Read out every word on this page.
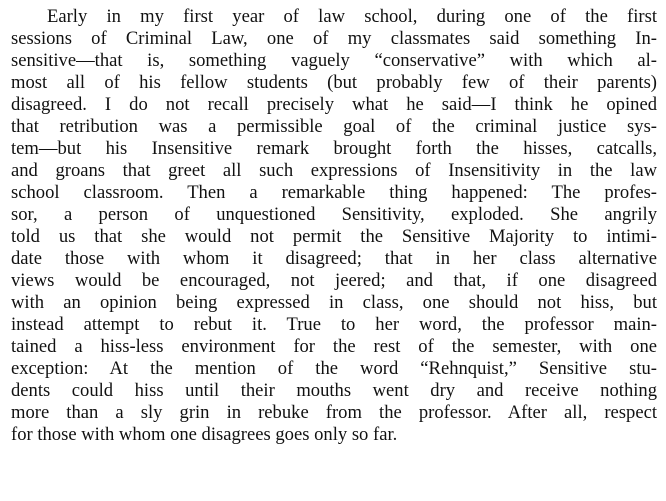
Early in my first year of law school, during one of the first
sessions of Criminal Law, one of my classmates said something In-
sensitive—that is, something vaguely “conservative” with which al-
most all of his fellow students (but probably few of their parents)
disagreed. I do not recall precisely what he said—I think he opined
that retribution was a permissible goal of the criminal justice sys-
tem—but his Insensitive remark brought forth the hisses, catcalls,
and groans that greet all such expressions of Insensitivity in the law
school classroom. Then a remarkable thing happened: The profes-
sor, a person of unquestioned Sensitivity, exploded. She angrily
told us that she would not permit the Sensitive Majority to intimi-
date those with whom it disagreed; that in her class alternative
views would be encouraged, not jeered; and that, if one disagreed
with an opinion being expressed in class, one should not hiss, but
instead attempt to rebut it. True to her word, the professor main-
tained a hiss-less environment for the rest of the semester, with one
exception: At the mention of the word “Rehnquist,” Sensitive stu-
dents could hiss until their mouths went dry and receive nothing
more than a sly grin in rebuke from the professor. After all, respect
for those with whom one disagrees goes only so far.
